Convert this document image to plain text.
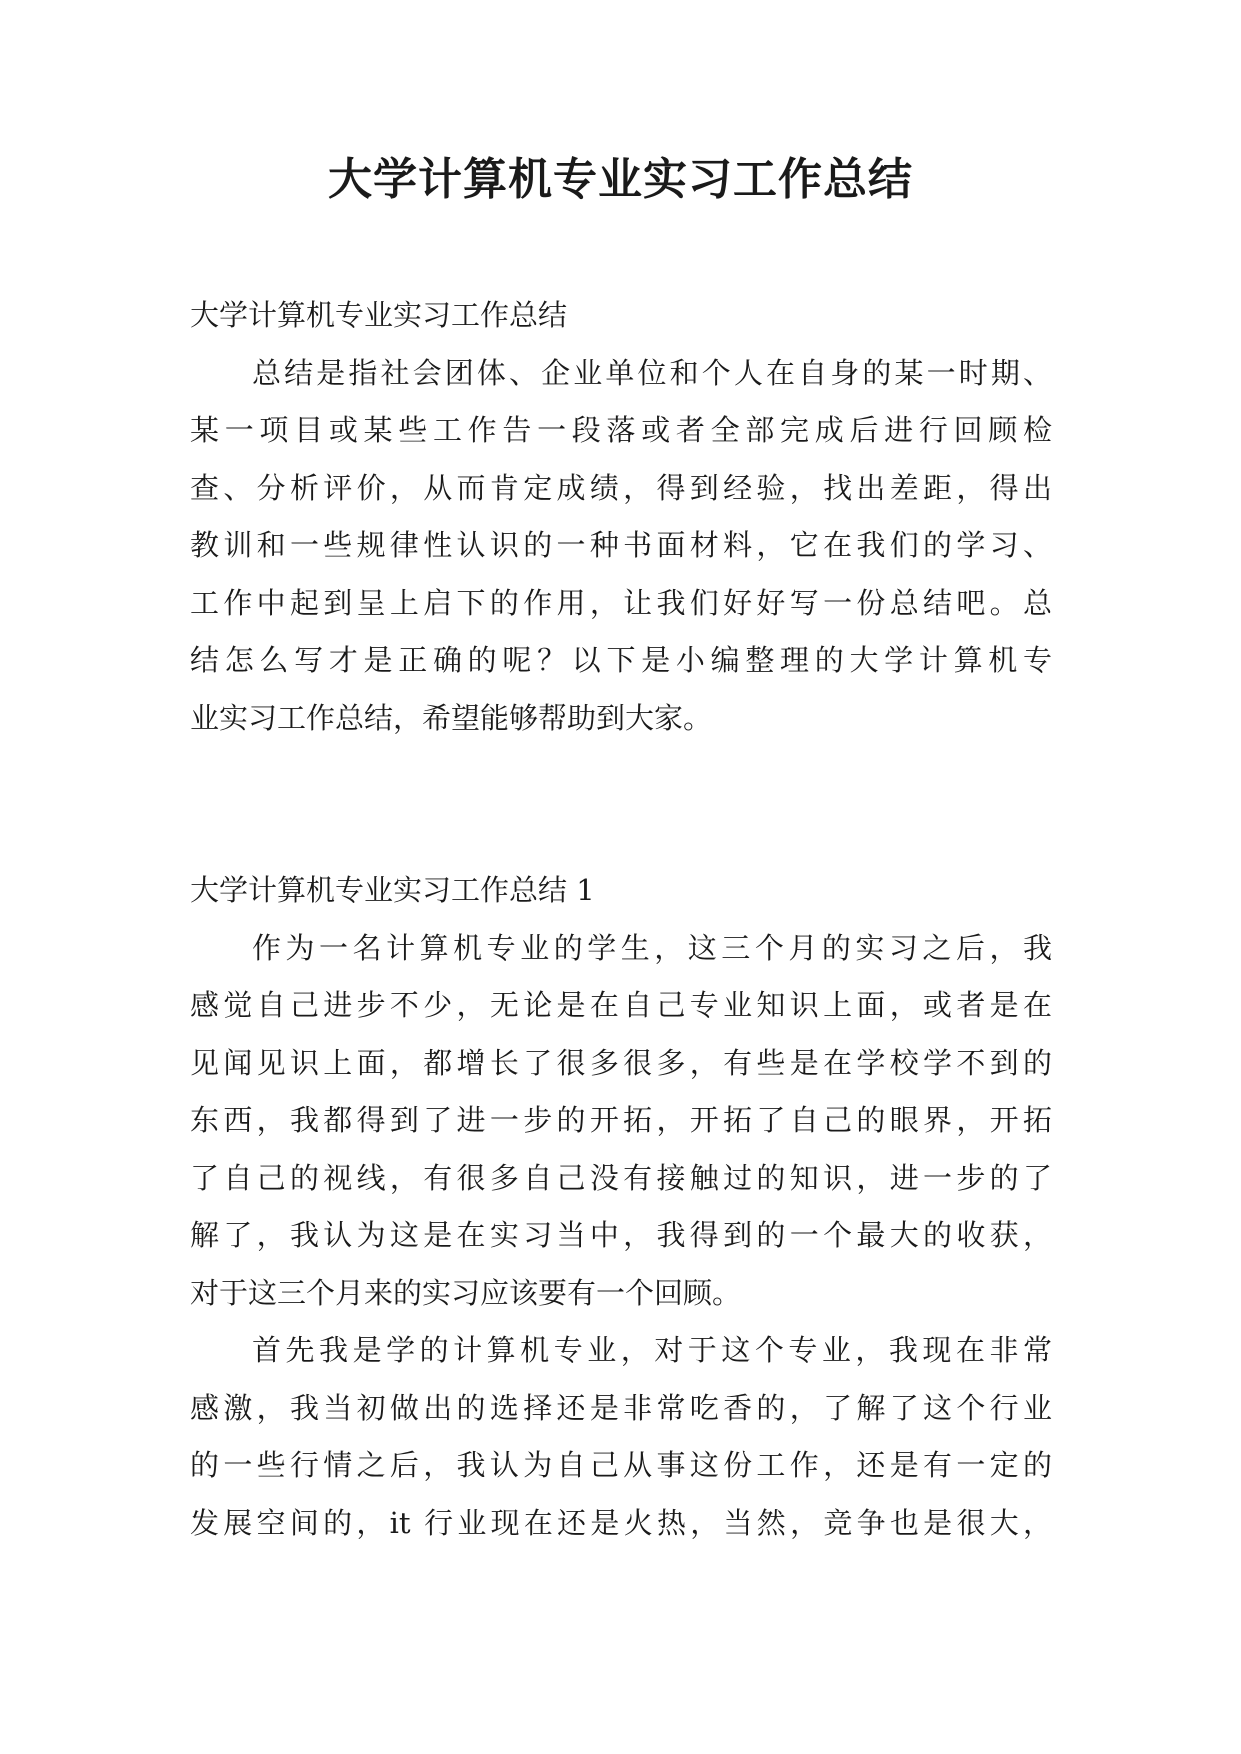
大学计算机专业实习工作总结

大学计算机专业实习工作总结

总结是指社会团体、企业单位和个人在自身的某一时期、

某一项目或某些工作告一段落或者全部完成后进行回顾检

查、分析评价，从而肯定成绩，得到经验，找出差距，得出

教训和一些规律性认识的一种书面材料，它在我们的学习、

工作中起到呈上启下的作用，让我们好好写一份总结吧。总

结怎么写才是正确的呢？以下是小编整理的大学计算机专

业实习工作总结，希望能够帮助到大家。

大学计算机专业实习工作总结 1

作为一名计算机专业的学生，这三个月的实习之后，我

感觉自己进步不少，无论是在自己专业知识上面，或者是在

见闻见识上面，都增长了很多很多，有些是在学校学不到的

东西，我都得到了进一步的开拓，开拓了自己的眼界，开拓

了自己的视线，有很多自己没有接触过的知识，进一步的了

解了，我认为这是在实习当中，我得到的一个最大的收获，

对于这三个月来的实习应该要有一个回顾。

首先我是学的计算机专业，对于这个专业，我现在非常

感激，我当初做出的选择还是非常吃香的，了解了这个行业

的一些行情之后，我认为自己从事这份工作，还是有一定的

发展空间的，it 行业现在还是火热，当然，竞争也是很大，
